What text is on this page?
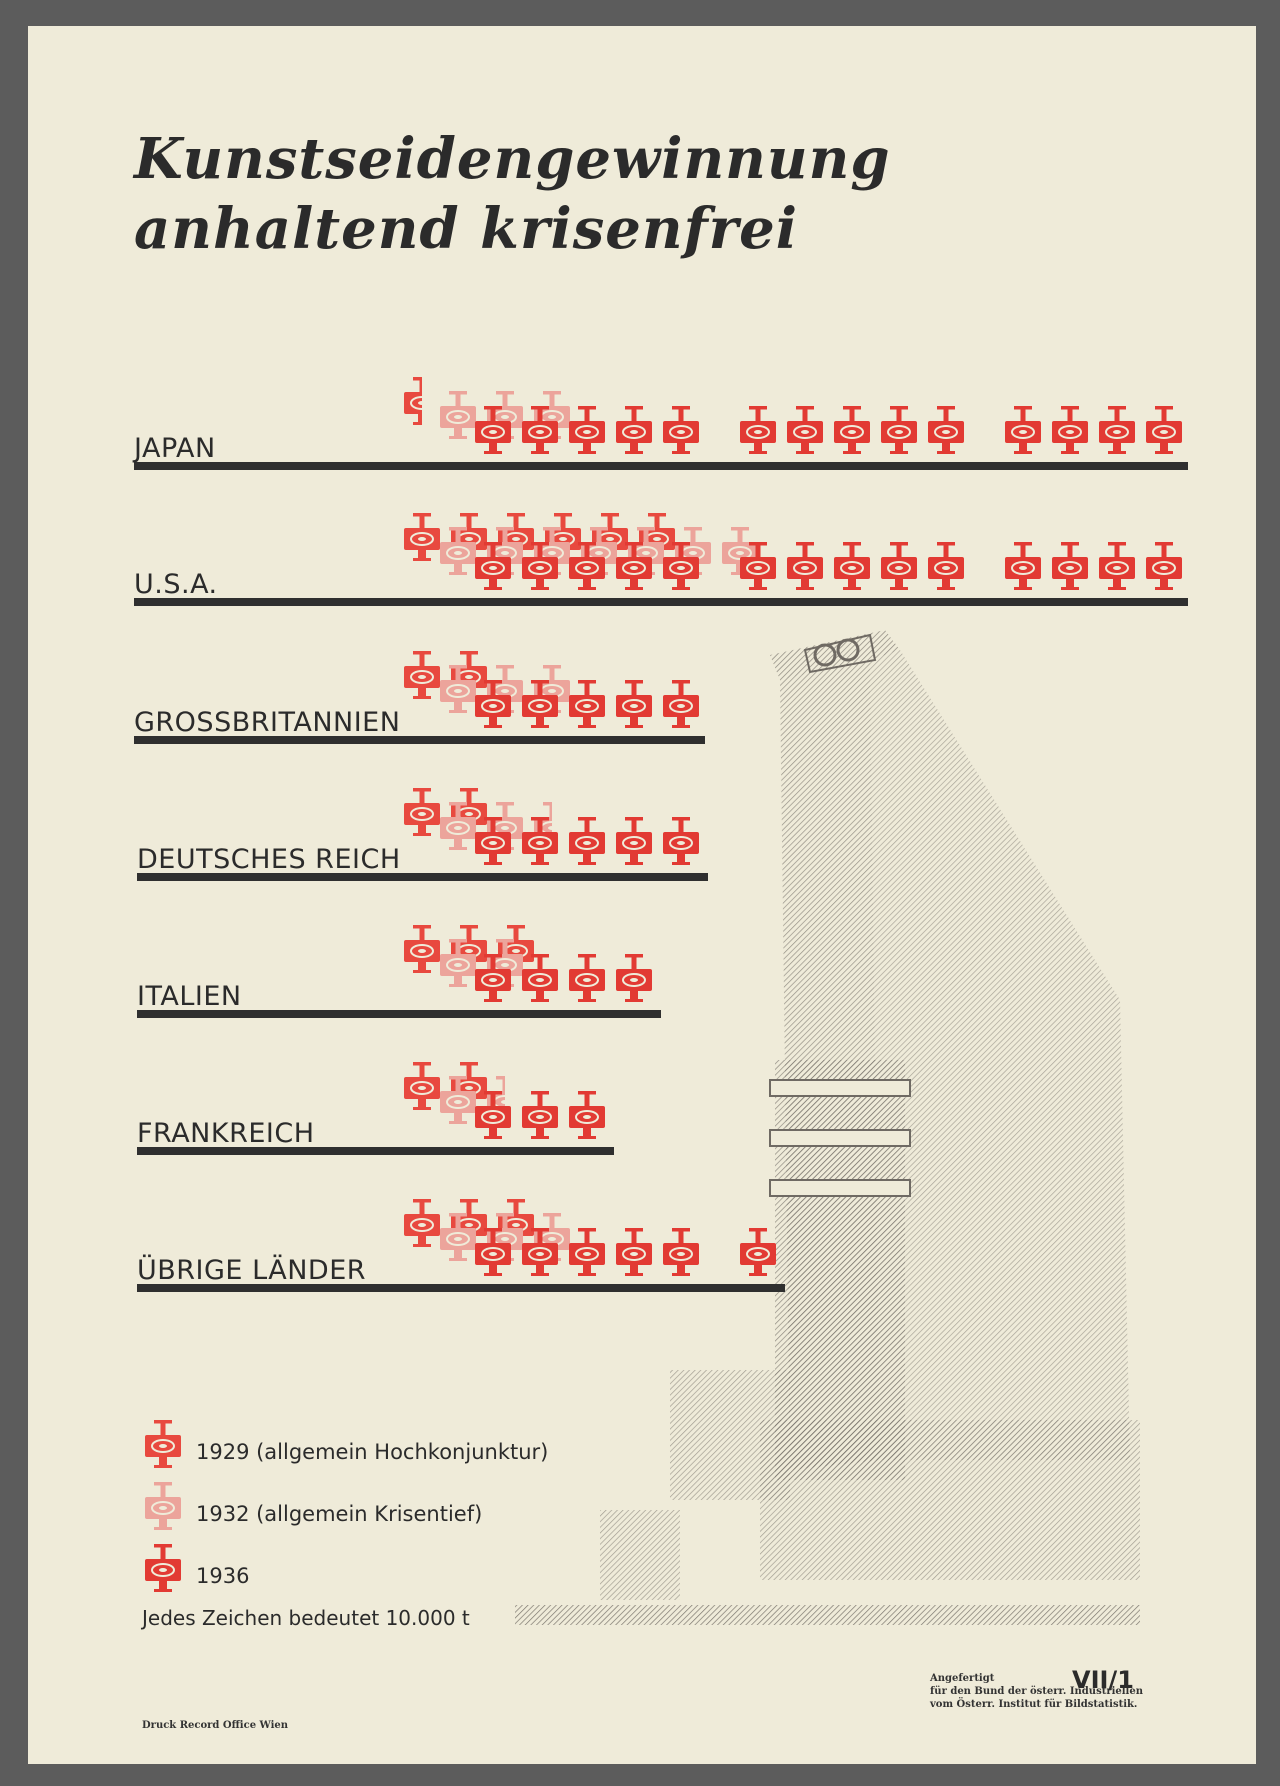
Kunstseidengewinnung
anhaltend krisenfrei

Jedes Zeichen bedeutet 10.000 t

Angefertigt
für den Bund der österr. Industriellen
vom Österr. Institut für Bildstatistik.

VII/1

Druck Record Office Wien

JAPAN
U.S.A.
GROSSBRITANNIEN
DEUTSCHES REICH
ITALIEN
FRANKREICH
ÜBRIGE LÄNDER
1929 (allgemein Hochkonjunktur)
1932 (allgemein Krisentief)
1936
